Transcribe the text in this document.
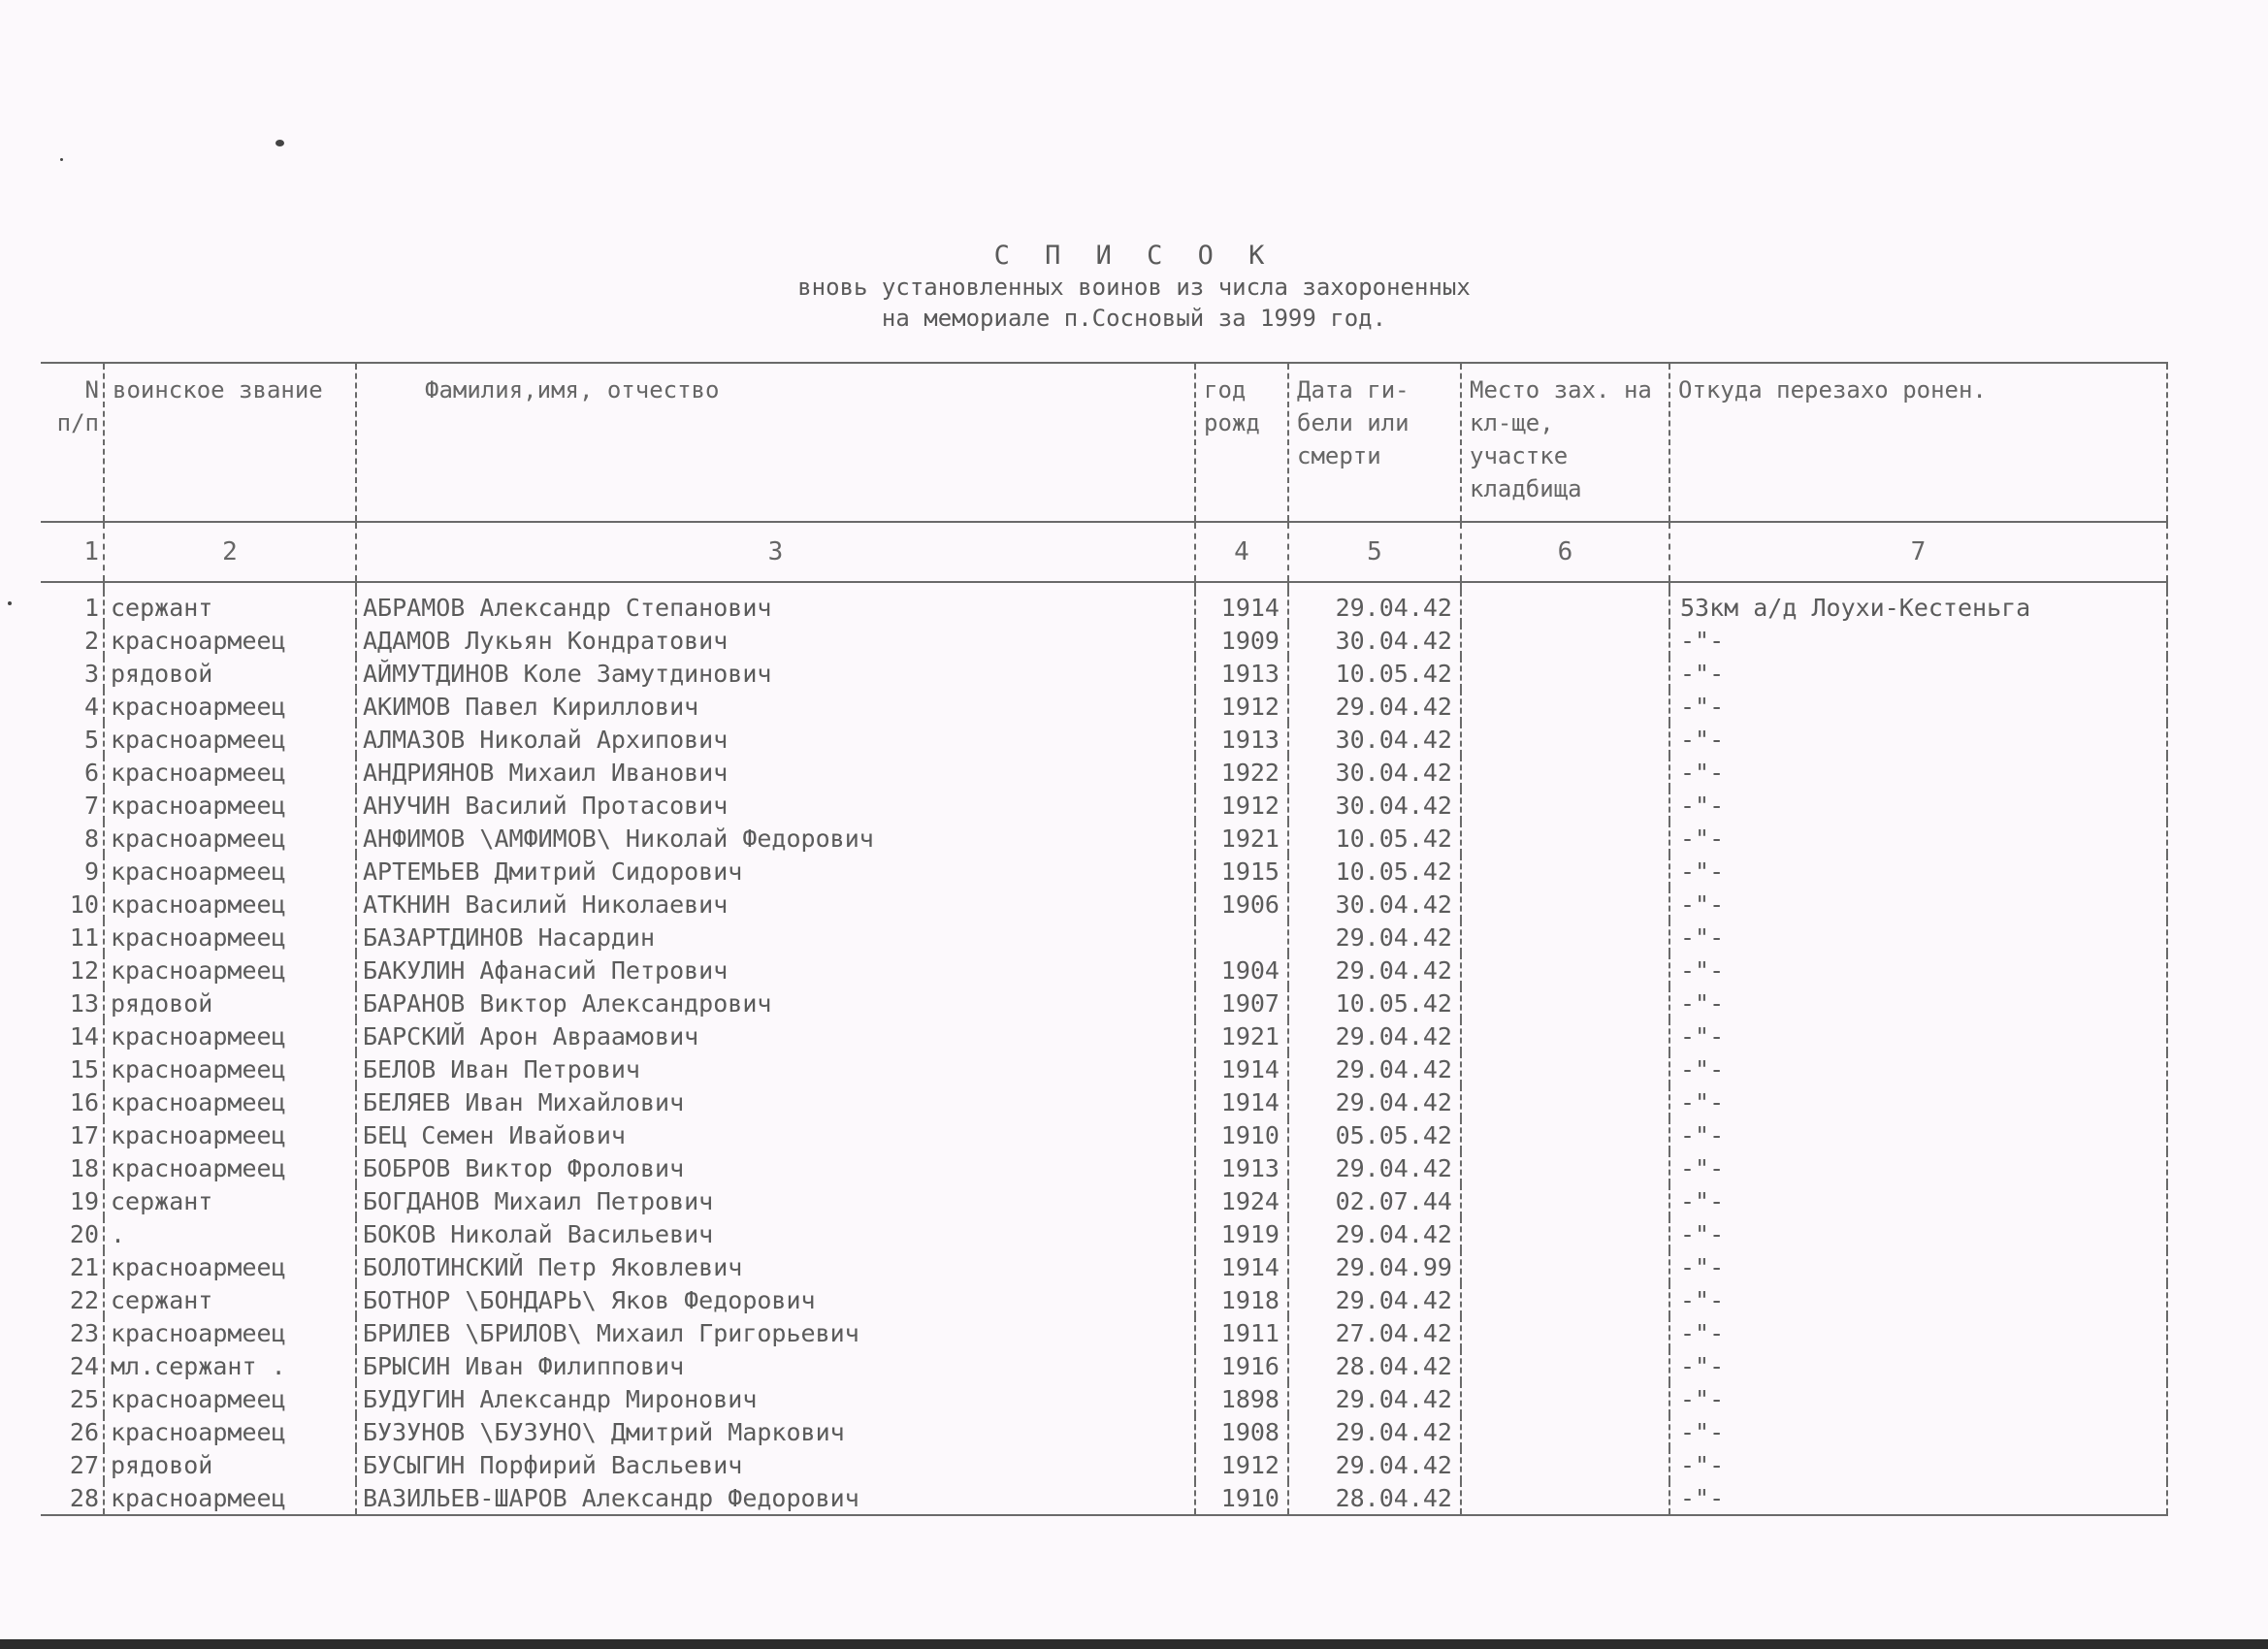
С П И С О К
вновь установленных воинов из числа захороненных
на мемориале п.Сосновый за 1999 год.
N п/п	воинское звание	Фамилия,имя, отчество	год рожд	Дата ги- бели или смерти	Место зах. на кл-ще, участке кладбища	Откуда перезахо ронен.
1	2	3	4	5	6	7

1	сержант	АБРАМОВ Александр Степанович	1914	29.04.42		53км а/д Лоухи-Кестеньга
2	красноармеец	АДАМОВ Лукьян Кондратович	1909	30.04.42		-"-
3	рядовой	АЙМУТДИНОВ Коле Замутдинович	1913	10.05.42		-"-
4	красноармеец	АКИМОВ Павел Кириллович	1912	29.04.42		-"-
5	красноармеец	АЛМАЗОВ Николай Архипович	1913	30.04.42		-"-
6	красноармеец	АНДРИЯНОВ Михаил Иванович	1922	30.04.42		-"-
7	красноармеец	АНУЧИН Василий Протасович	1912	30.04.42		-"-
8	красноармеец	АНФИМОВ \АМФИМОВ\ Николай Федорович	1921	10.05.42		-"-
9	красноармеец	АРТЕМЬЕВ Дмитрий Сидорович	1915	10.05.42		-"-
10	красноармеец	АТКНИН Василий Николаевич	1906	30.04.42		-"-
11	красноармеец	БАЗАРТДИНОВ Насардин		29.04.42		-"-
12	красноармеец	БАКУЛИН Афанасий Петрович	1904	29.04.42		-"-
13	рядовой	БАРАНОВ Виктор Александрович	1907	10.05.42		-"-
14	красноармеец	БАРСКИЙ Арон Авраамович	1921	29.04.42		-"-
15	красноармеец	БЕЛОВ Иван Петрович	1914	29.04.42		-"-
16	красноармеец	БЕЛЯЕВ Иван Михайлович	1914	29.04.42		-"-
17	красноармеец	БЕЦ Семен Ивайович	1910	05.05.42		-"-
18	красноармеец	БОБРОВ Виктор Фролович	1913	29.04.42		-"-
19	сержант	БОГДАНОВ Михаил Петрович	1924	02.07.44		-"-
20	.	БОКОВ Николай Васильевич	1919	29.04.42		-"-
21	красноармеец	БОЛОТИНСКИЙ Петр Яковлевич	1914	29.04.99		-"-
22	сержант	БОТНОР \БОНДАРЬ\ Яков Федорович	1918	29.04.42		-"-
23	красноармеец	БРИЛЕВ \БРИЛОВ\ Михаил Григорьевич	1911	27.04.42		-"-
24	мл.сержант .	БРЫСИН Иван Филиппович	1916	28.04.42		-"-
25	красноармеец	БУДУГИН Александр Миронович	1898	29.04.42		-"-
26	красноармеец	БУЗУНОВ \БУЗУНО\ Дмитрий Маркович	1908	29.04.42		-"-
27	рядовой	БУСЫГИН Порфирий Васльевич	1912	29.04.42		-"-
28	красноармеец	ВАЗИЛЬЕВ-ШАРОВ Александр Федорович	1910	28.04.42		-"-
